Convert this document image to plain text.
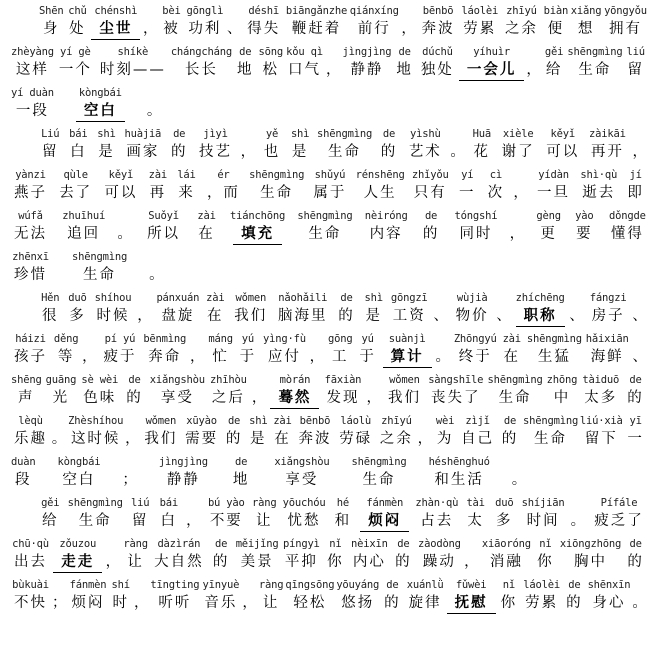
Shēn
身
chǔ
处
chénshì
尘世 ，
bèi
被
gōnglì
功利 、
déshī
得失
biāngǎnzhe
鞭赶着
qiánxíng
前行 ，
bēnbō
奔波
láolèi
劳累
zhīyú
之余
biàn
便
xiǎng
想
yōngyǒu
拥有
zhèyàng
这样
yí gè
一个
shíkè
时刻——
chángcháng
长长
de
地
sōng
松
kǒu qì
口气 ，
jìngjìng
静静
de
地
dúchǔ
独处
yíhuìr
一会儿 ，
gěi
给
shēngmìng
生命
liú
留
yí duàn
一段
kòngbái
空白	。
Liú
留
bái
白
shì
是
huàjiā
画家
de
的
jìyì
技艺 ，
yě
也
shì
是
shēngmìng
生命
de
的
yìshù
艺术 。
Huā
花
xièle
谢了
kěyǐ
可以
zàikāi
再开 ，
yànzi
燕子
qùle
去了
kěyǐ
可以
zài
再
lái
来
ér
，而
shēngmìng
生命
shǔyú
属于
rénshēng
人生
zhǐyǒu
只有
yí
一
cì
次 ，
yídàn
一旦
shì·qù
逝去
jí
即
wúfǎ
无法
zhuīhuí
追回 。
Suǒyǐ
所以
zài
在
tiánchōng
填充
shēngmìng
生命
nèiróng
内容
de
的
tóngshí
同时 ，
gèng
更
yào
要
dǒngde
懂得
zhēnxī
珍惜
shēngmìng
生命 。
Hěn
很
duō
多
shíhou
时候 ，
pánxuán
盘旋
zài
在
wǒmen
我们
nǎohǎili
脑海里
de
的
shì
是
gōngzī
工资 、
wùjià
物价 、
zhíchēng
职称 、
fángzi
房子 、
háizi
孩子
děng
等 ，
pí yú
疲于
bēnmìng
奔命 ，
máng
忙
yú
于
yìng·fù
应付 ，
gōng
工
yú
于
suànjì
算计 。
Zhōngyú
终于
zài
在
shēngmìng
生猛
hǎixiān
海鲜 、
shēng
声
guāng
光
sè wèi
色味
de
的
xiǎngshòu
享受
zhīhòu
之后 ，
mòrán
蓦然
fāxiàn
发现 ，
wǒmen
我们
sàngshīle
丧失了
shēngmìng
生命
zhōng
中
tàiduō
太多
de
的
lèqù
乐趣 。
Zhèshíhou
这时候 ，
wǒmen
我们
xūyào
需要
de
的
shì
是
zài
在
bēnbō
奔波
láolù
劳碌
zhīyú
之余 ，
wèi
为
zìjǐ
自己
de
的
shēngmìng
生命
liú·xià
留下
yī
一
duàn
段
kòngbái
空白 ；
jìngjìng
静静
de
地
xiǎngshòu
享受
shēngmìng
生命
héshēnghuó
和生活 。
gěi
给
shēngmìng
生命
liú
留
bái
白 ，
bú yào
不要
ràng
让
yōuchóu
忧愁
hé
和
fánmèn
烦闷
zhàn·qù
占去
tài
太
duō
多
shíjiān
时间 。
Pífále
疲乏了
chū·qù
出去
zǒuzou
走走 ，
ràng
让
dàzìrán
大自然
de
的
měijǐng
美景
píngyì
平抑
nǐ
你
nèixīn
内心
de
的
zàodòng
躁动 ，
xiāoróng
消融
nǐ
你
xiōngzhōng
胸中
de
的
bùkuài
不快 ；
fánmèn
烦闷
shí
时 ，
tīngting
听听
yīnyuè
音乐 ，
ràng
让
qīngsōng
轻松
yōuyáng
悠扬
de
的
xuánlǜ
旋律
fǔwèi
抚慰
nǐ
你
láolèi
劳累
de
的
shēnxīn
身心 。
